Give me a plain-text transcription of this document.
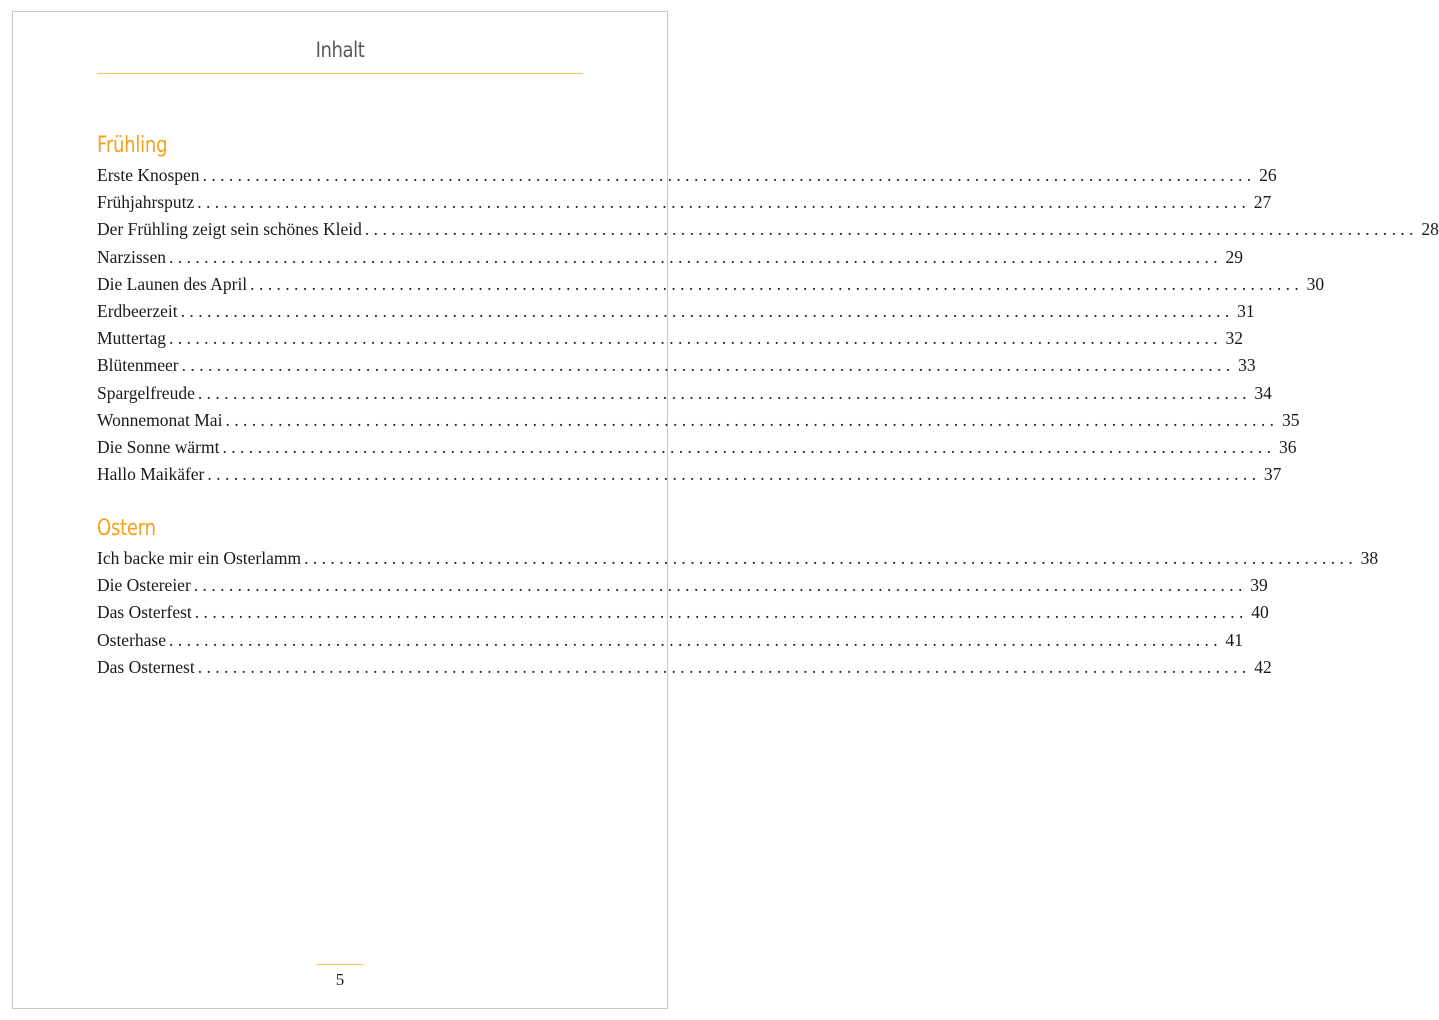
Inhalt
Frühling
Erste Knospen ........................................................................................................................ 26
Frühjahrsputz ........................................................................................................................ 27
Der Frühling zeigt sein schönes Kleid ........................................................................................................................ 28
Narzissen ........................................................................................................................ 29
Die Launen des April ........................................................................................................................ 30
Erdbeerzeit ........................................................................................................................ 31
Muttertag ........................................................................................................................ 32
Blütenmeer ........................................................................................................................ 33
Spargelfreude ........................................................................................................................ 34
Wonnemonat Mai ........................................................................................................................ 35
Die Sonne wärmt ........................................................................................................................ 36
Hallo Maikäfer ........................................................................................................................ 37
Ostern
Ich backe mir ein Osterlamm ........................................................................................................................ 38
Die Ostereier ........................................................................................................................ 39
Das Osterfest ........................................................................................................................ 40
Osterhase ........................................................................................................................ 41
Das Osternest ........................................................................................................................ 42
5
